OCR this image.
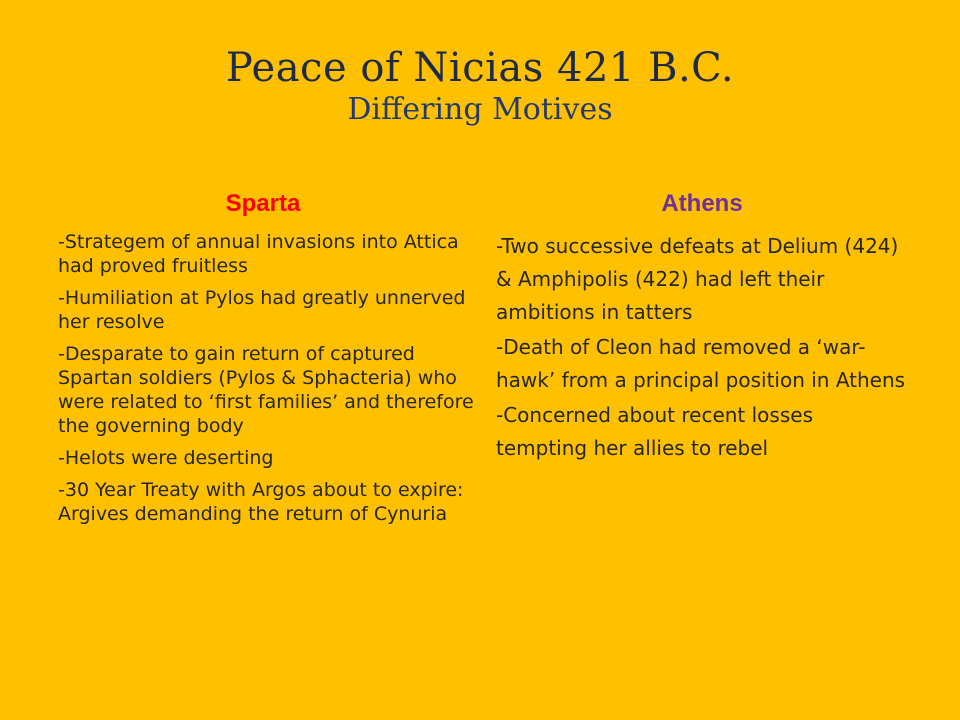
Peace of Nicias 421 B.C.
Differing Motives
Sparta
-Strategem of annual invasions into Attica had proved fruitless
-Humiliation at Pylos had greatly unnerved her resolve
-Desparate to gain return of captured Spartan soldiers (Pylos & Sphacteria) who were related to ‘first families’ and therefore the governing body
-Helots were deserting
-30 Year Treaty with Argos about to expire: Argives demanding the return of Cynuria
Athens
-Two successive defeats at Delium (424) & Amphipolis (422) had left their ambitions in tatters
-Death of Cleon had removed a ‘war-hawk’ from a principal position in Athens
-Concerned about recent losses tempting her allies to rebel
